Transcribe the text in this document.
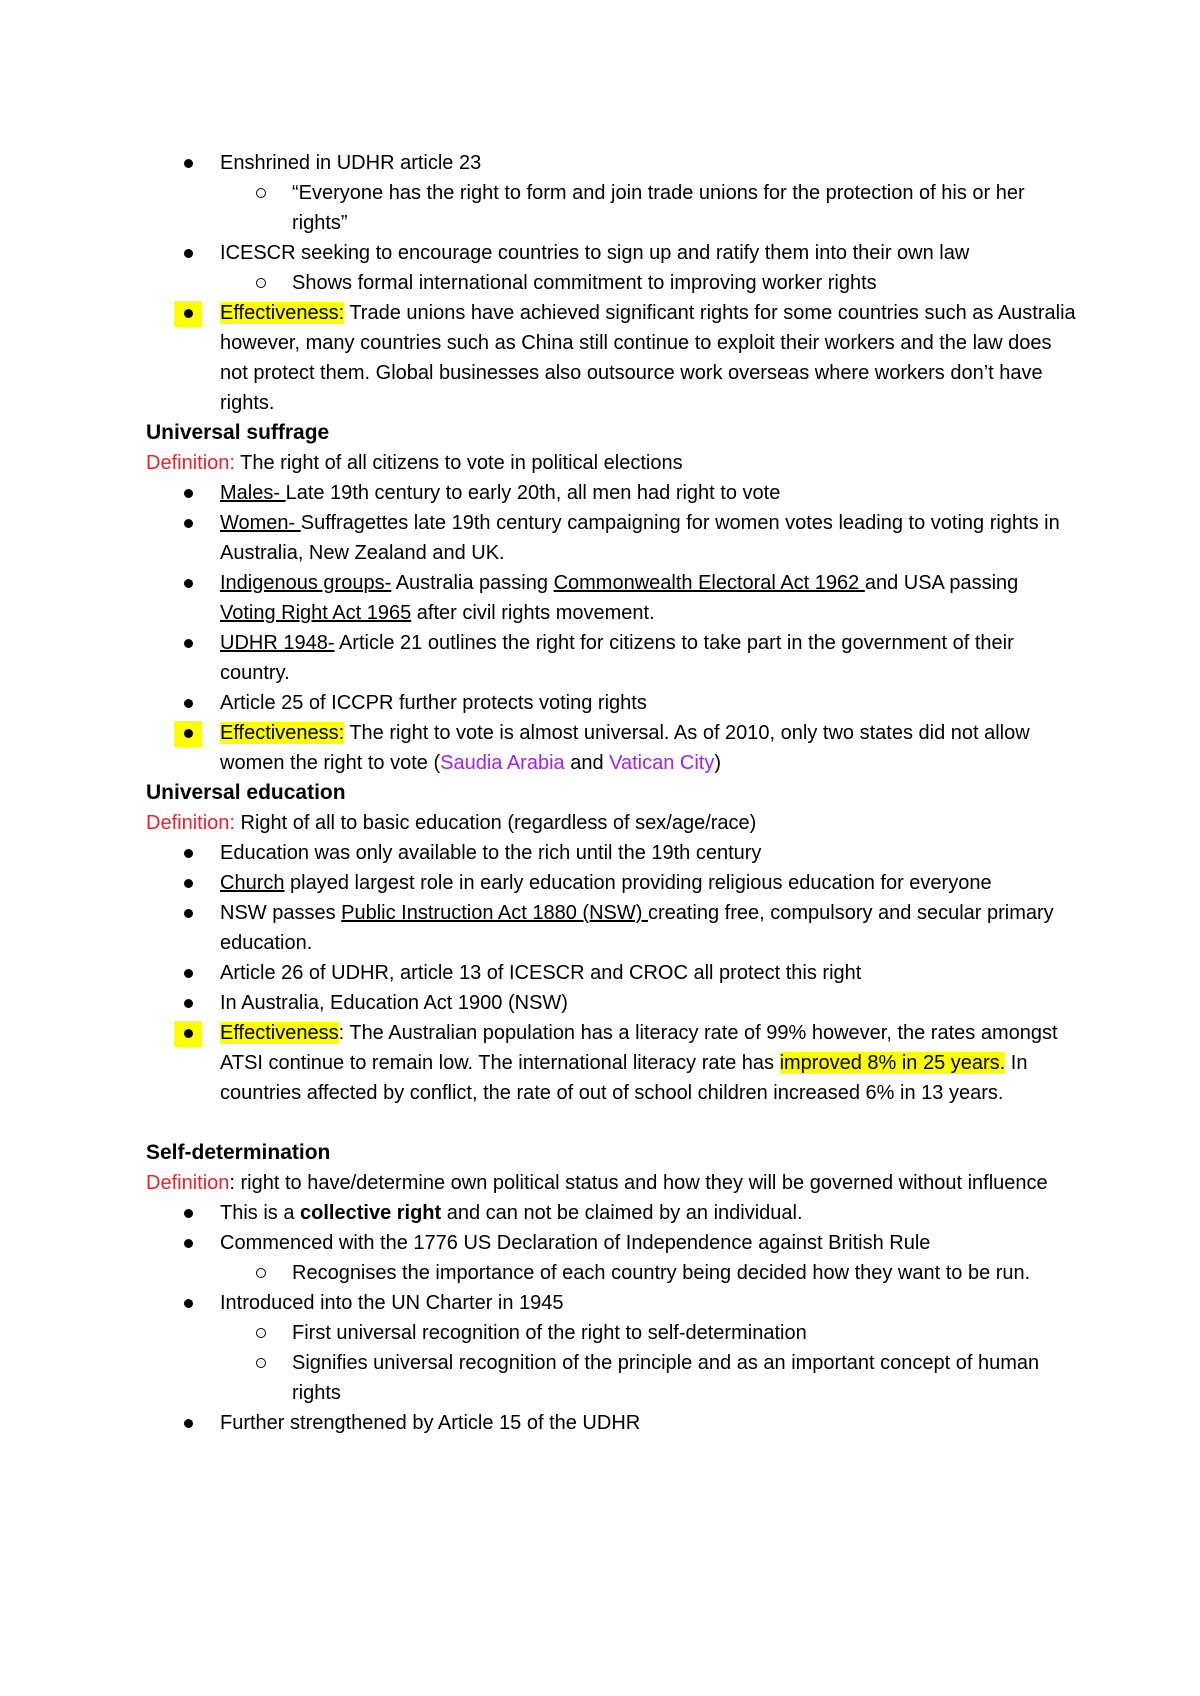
Enshrined in UDHR article 23
“Everyone has the right to form and join trade unions for the protection of his or her rights”
ICESCR seeking to encourage countries to sign up and ratify them into their own law
Shows formal international commitment to improving worker rights
Effectiveness: Trade unions have achieved significant rights for some countries such as Australia however, many countries such as China still continue to exploit their workers and the law does not protect them. Global businesses also outsource work overseas where workers don’t have rights.

Universal suffrage

Definition: The right of all citizens to vote in political elections

Males- Late 19th century to early 20th, all men had right to vote
Women- Suffragettes late 19th century campaigning for women votes leading to voting rights in Australia, New Zealand and UK.
Indigenous groups- Australia passing Commonwealth Electoral Act 1962 and USA passing Voting Right Act 1965 after civil rights movement.
UDHR 1948- Article 21 outlines the right for citizens to take part in the government of their country.
Article 25 of ICCPR further protects voting rights
Effectiveness: The right to vote is almost universal. As of 2010, only two states did not allow women the right to vote (Saudia Arabia and Vatican City)

Universal education

Definition: Right of all to basic education (regardless of sex/age/race)

Education was only available to the rich until the 19th century
Church played largest role in early education providing religious education for everyone
NSW passes Public Instruction Act 1880 (NSW) creating free, compulsory and secular primary education.
Article 26 of UDHR, article 13 of ICESCR and CROC all protect this right
In Australia, Education Act 1900 (NSW)
Effectiveness: The Australian population has a literacy rate of 99% however, the rates amongst ATSI continue to remain low. The international literacy rate has improved 8% in 25 years. In countries affected by conflict, the rate of out of school children increased 6% in 13 years.

Self-determination

Definition: right to have/determine own political status and how they will be governed without influence

This is a collective right and can not be claimed by an individual.
Commenced with the 1776 US Declaration of Independence against British Rule
Recognises the importance of each country being decided how they want to be run.
Introduced into the UN Charter in 1945
First universal recognition of the right to self-determination
Signifies universal recognition of the principle and as an important concept of human rights
Further strengthened by Article 15 of the UDHR
